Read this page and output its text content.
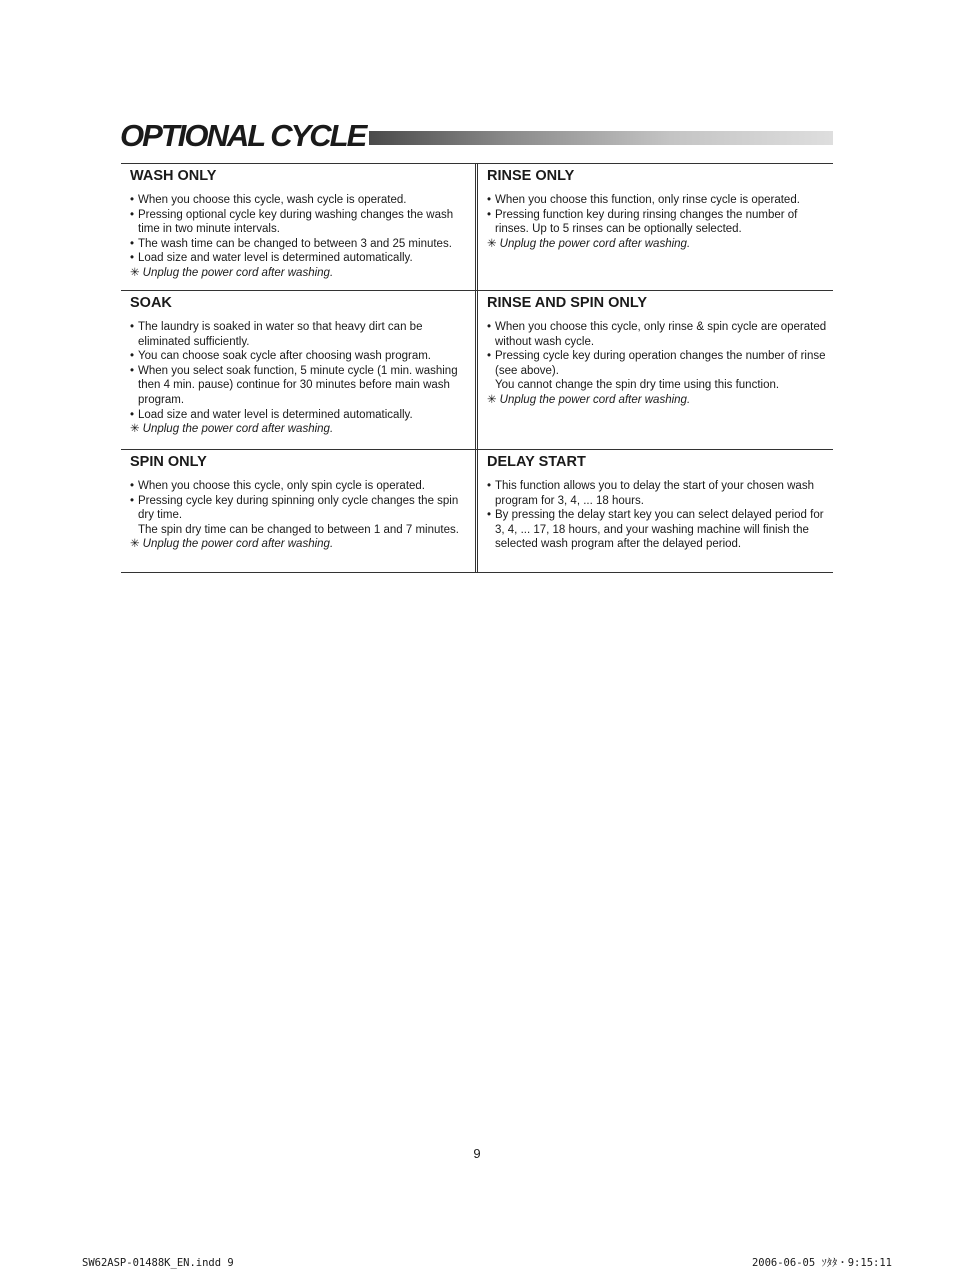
OPTIONAL CYCLE
WASH ONLY
• When you choose this cycle, wash cycle is operated.
• Pressing optional cycle key during washing changes the wash time in two minute intervals.
• The wash time can be changed to between 3 and 25 minutes.
• Load size and water level is determined automatically.
✳ Unplug the power cord after washing.
RINSE ONLY
• When you choose this function, only rinse cycle is operated.
• Pressing function key during rinsing changes the number of rinses. Up to 5 rinses can be optionally selected.
✳ Unplug the power cord after washing.
SOAK
• The laundry is soaked in water so that heavy dirt can be eliminated sufficiently.
• You can choose soak cycle after choosing wash program.
• When you select soak function, 5 minute cycle (1 min. washing then 4 min. pause) continue for 30 minutes before main wash program.
• Load size and water level is determined automatically.
✳ Unplug the power cord after washing.
RINSE AND SPIN ONLY
• When you choose this cycle, only rinse & spin cycle are operated without wash cycle.
• Pressing cycle key during operation changes the number of rinse (see above).
You cannot change the spin dry time using this function.
✳ Unplug the power cord after washing.
SPIN ONLY
• When you choose this cycle, only spin cycle is operated.
• Pressing cycle key during spinning only cycle changes the spin dry time.
The spin dry time can be changed to between 1 and 7 minutes.
✳ Unplug the power cord after washing.
DELAY START
• This function allows you to delay the start of your chosen wash program for 3, 4, ... 18 hours.
• By pressing the delay start key you can select delayed period for 3, 4, ... 17, 18 hours, and your washing machine will finish the selected wash program after the delayed period.
9
SW62ASP-01488K_EN.indd 9	2006-06-05 ｿﾀﾀ・9:15:11
